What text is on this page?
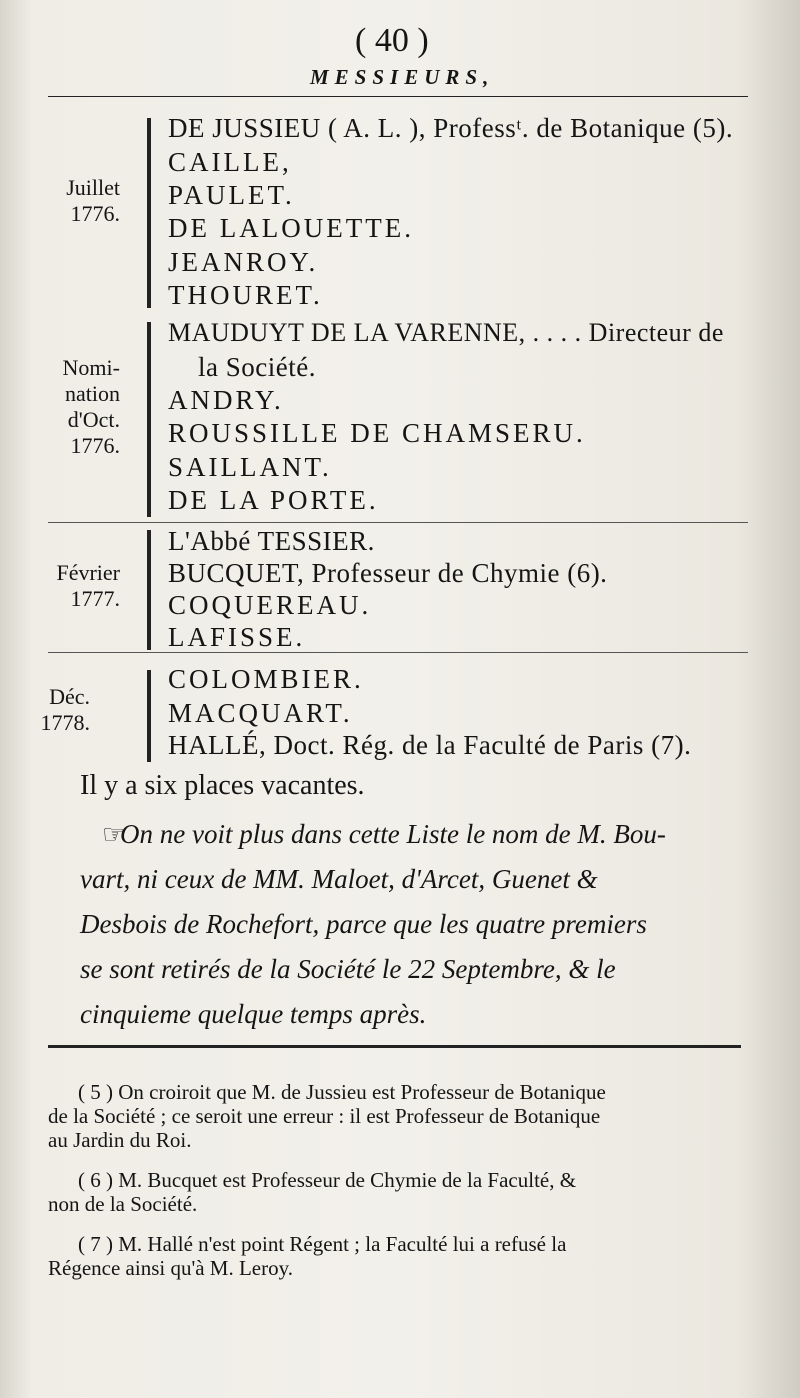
( 40 )
MESSIEURS,
Juillet
1776.
DE JUSSIEU ( A. L. ), Professᵗ. de Botanique (5).
CAILLE,
PAULET.
DE LALOUETTE.
JEANROY.
THOURET.
Nomi-
nation
d'Oct.
1776.
MAUDUYT DE LA VARENNE, . . . . Directeur de
la Société.
ANDRY.
ROUSSILLE DE CHAMSERU.
SAILLANT.
DE LA PORTE.
Février
1777.
L'Abbé TESSIER.
BUCQUET, Professeur de Chymie (6).
COQUEREAU.
LAFISSE.
Déc.
1778.
COLOMBIER.
MACQUART.
HALLÉ, Doct. Rég. de la Faculté de Paris (7).
Il y a six places vacantes.
☞
On ne voit plus dans cette Liste le nom de M. Bou-
vart, ni ceux de MM. Maloet, d'Arcet, Guenet &
Desbois de Rochefort, parce que les quatre premiers
se sont retirés de la Société le 22 Septembre, & le
cinquieme quelque temps après.
( 5 ) On croiroit que M. de Jussieu est Professeur de Botanique
de la Société ; ce seroit une erreur : il est Professeur de Botanique
au Jardin du Roi.
( 6 ) M. Bucquet est Professeur de Chymie de la Faculté, &
non de la Société.
( 7 ) M. Hallé n'est point Régent ; la Faculté lui a refusé la
Régence ainsi qu'à M. Leroy.
